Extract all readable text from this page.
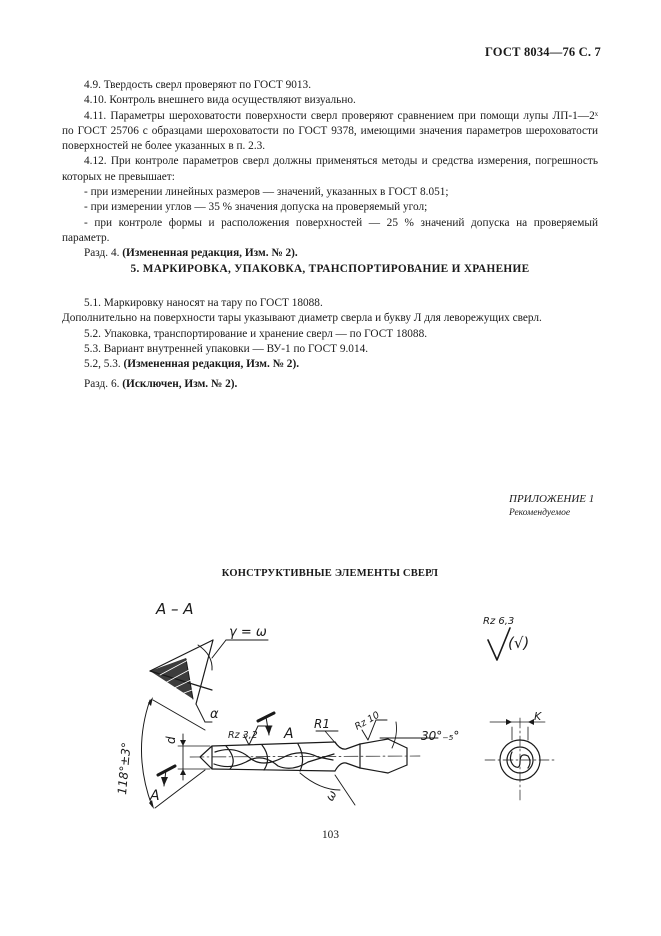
ГОСТ 8034—76 С. 7

4.9. Твердость сверл проверяют по ГОСТ 9013.

4.10. Контроль внешнего вида осуществляют визуально.

4.11. Параметры шероховатости поверхности сверл проверяют сравнением при помощи лупы ЛП-1—2ˣ по ГОСТ 25706 с образцами шероховатости по ГОСТ 9378, имеющими значения параметров шероховатости поверхностей не более указанных в п. 2.3.

4.12. При контроле параметров сверл должны применяться методы и средства измерения, погрешность которых не превышает:

- при измерении линейных размеров — значений, указанных в ГОСТ 8.051;

- при измерении углов — 35 % значения допуска на проверяемый угол;

- при контроле формы и расположения поверхностей — 25 % значений допуска на проверяемый параметр.

Разд. 4. (Измененная редакция, Изм. № 2).

5. МАРКИРОВКА, УПАКОВКА, ТРАНСПОРТИРОВАНИЕ И ХРАНЕНИЕ

5.1. Маркировку наносят на тару по ГОСТ 18088.

Дополнительно на поверхности тары указывают диаметр сверла и букву Л для леворежущих сверл.

5.2. Упаковка, транспортирование и хранение сверл — по ГОСТ 18088.

5.3. Вариант внутренней упаковки — ВУ-1 по ГОСТ 9.014.

5.2, 5.3. (Измененная редакция, Изм. № 2).

Разд. 6. (Исключен, Изм. № 2).

ПРИЛОЖЕНИЕ 1
Рекомендуемое
КОНСТРУКТИВНЫЕ ЭЛЕМЕНТЫ СВЕРЛ
А – А
γ = ω
α
118°±3°
А
А
d	Rz 3,2
R1 Rz 10
30°₋₅°
ω
Rz 6,3
(√)
K
103
